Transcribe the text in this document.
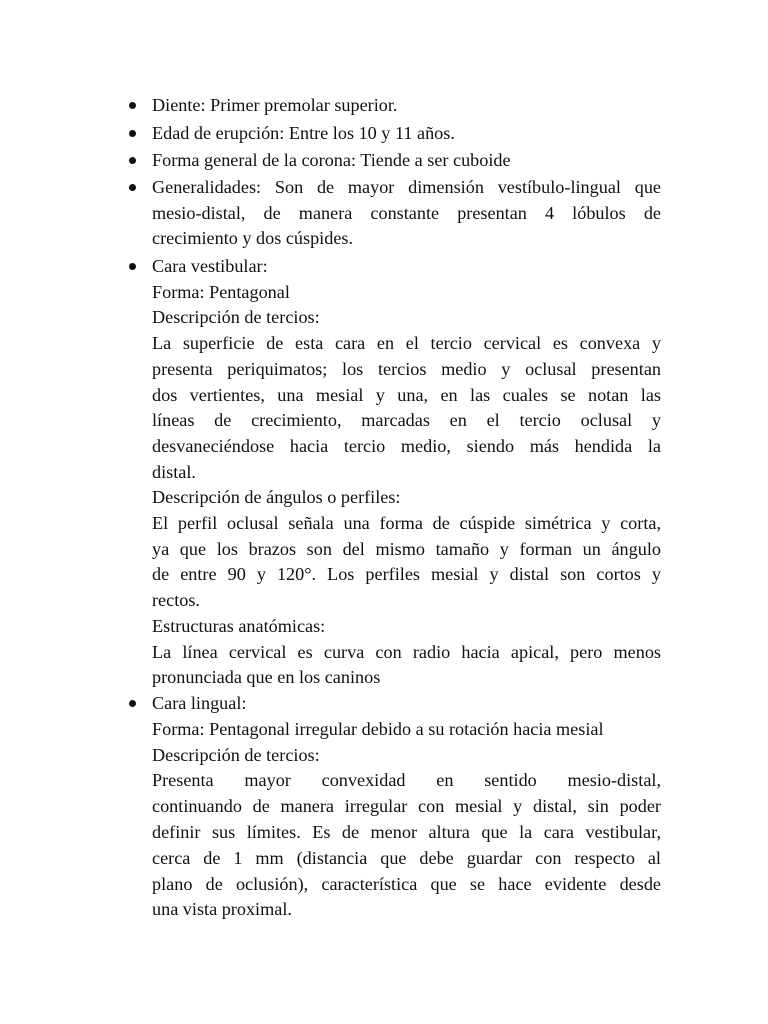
Diente: Primer premolar superior.
Edad de erupción: Entre los 10 y 11 años.
Forma general de la corona: Tiende a ser cuboide
Generalidades: Son de mayor dimensión vestíbulo-lingual que
mesio-distal, de manera constante presentan 4 lóbulos de
crecimiento y dos cúspides.
Cara vestibular:
Forma: Pentagonal
Descripción de tercios:
La superficie de esta cara en el tercio cervical es convexa y
presenta periquimatos; los tercios medio y oclusal presentan
dos vertientes, una mesial y una, en las cuales se notan las
líneas de crecimiento, marcadas en el tercio oclusal y
desvaneciéndose hacia tercio medio, siendo más hendida la
distal.
Descripción de ángulos o perfiles:
El perfil oclusal señala una forma de cúspide simétrica y corta,
ya que los brazos son del mismo tamaño y forman un ángulo
de entre 90 y 120°. Los perfiles mesial y distal son cortos y
rectos.
Estructuras anatómicas:
La línea cervical es curva con radio hacia apical, pero menos
pronunciada que en los caninos
Cara lingual:
Forma: Pentagonal irregular debido a su rotación hacia mesial
Descripción de tercios:
Presenta mayor convexidad en sentido mesio-distal,
continuando de manera irregular con mesial y distal, sin poder
definir sus límites. Es de menor altura que la cara vestibular,
cerca de 1 mm (distancia que debe guardar con respecto al
plano de oclusión), característica que se hace evidente desde
una vista proximal.
